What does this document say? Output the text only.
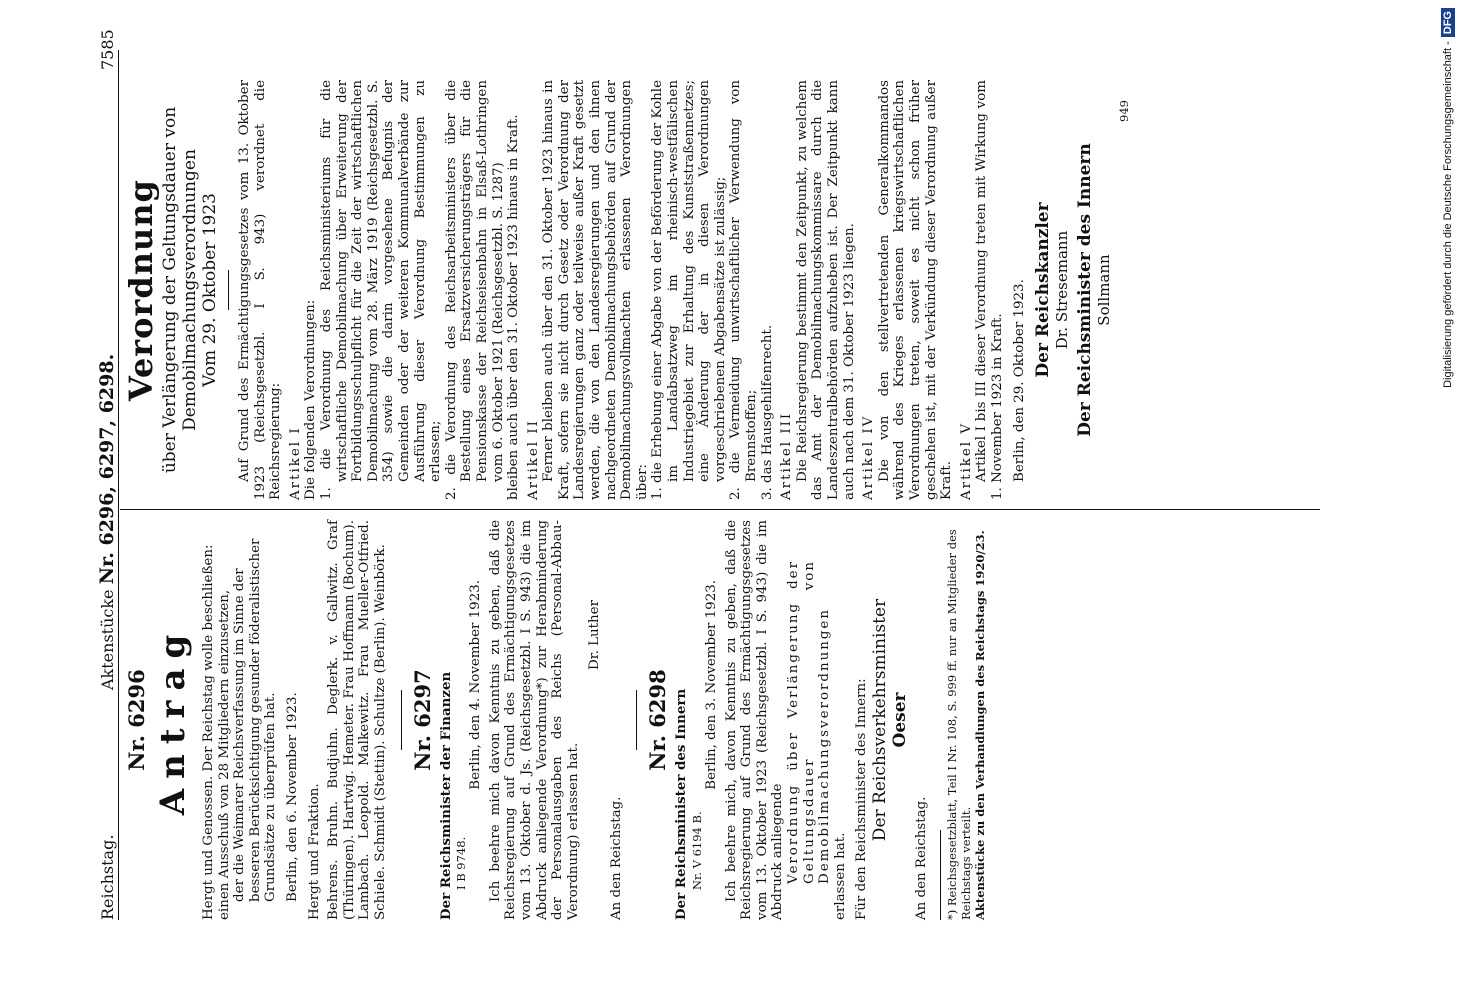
Reichstag.
Aktenstücke Nr. 6296, 6297, 6298.
7585
Nr. 6296 Antrag Hergt und Genossen. Der Reichstag wolle beschließen: einen Ausschuß von 28 Mitgliedern einzusetzen, der die Weimarer Reichsverfassung im Sinne der besseren Berücksichtigung gesunder föderalistischer Grundsätze zu überprüfen hat. Berlin, den 6. November 1923. Hergt und Fraktion. Behrens. Bruhn. Budjuhn. Deglerk. v. Gallwitz. Graf (Thüringen). Hartwig. Hemeter. Frau Hoffmann (Bochum). Lambach. Leopold. Malkewitz. Frau Mueller-Otfried. Schiele. Schmidt (Stettin). Schultze (Berlin). Weinbörk. Nr. 6297 Der Reichsminister der Finanzen I B 9748.
Berlin, den 4. November 1923. Ich beehre mich davon Kenntnis zu geben, daß die Reichsregierung auf Grund des Ermächtigungsgesetzes vom 13. Oktober d. Js. (Reichsgesetzbl. I S. 943) die im Abdruck anliegende Verordnung*) zur Herabminderung der Personalausgaben des Reichs (Personal-Abbau-Verordnung) erlassen hat.
Dr. Luther
An den Reichstag.
Nr. 6298 Der Reichsminister des Innern Nr. V 6194 B.
Berlin, den 3. November 1923. Ich beehre mich, davon Kenntnis zu geben, daß die Reichsregierung auf Grund des Ermächtigungsgesetzes vom 13. Oktober 1923 (Reichsgesetzbl. I S. 943) die im Abdruck anliegende Verordnung über Verlängerung der Geltungsdauer von Demobilmachungsverordnungen erlassen hat. Für den Reichsminister des Innern: Der Reichsverkehrsminister Oeser
An den Reichstag. *) Reichsgesetzblatt, Teil I Nr. 108, S. 999 ff. nur an Mitglieder des Reichstags verteilt. Aktenstücke zu den Verhandlungen des Reichstags 1920/23.
Verordnung über Verlängerung der Geltungsdauer von Demobilmachungsverordnungen Vom 29. Oktober 1923 Auf Grund des Ermächtigungsgesetzes vom 13. Oktober 1923 (Reichsgesetzbl. I S. 943) verordnet die Reichsregierung: Artikel I Die folgenden Verordnungen: 1. die Verordnung des Reichsministeriums für die wirtschaftliche Demobilmachung über Erweiterung der Fortbildungsschulpflicht für die Zeit der wirtschaftlichen Demobilmachung vom 28. März 1919 (Reichsgesetzbl. S. 354) sowie die darin vorgesehene Befugnis der Gemeinden oder der weiteren Kommunalverbände zur Ausführung dieser Verordnung Bestimmungen zu erlassen; 2. die Verordnung des Reichsarbeitsministers über die Bestellung eines Ersatzversicherungsträgers für die Pensionskasse der Reichseisenbahn in Elsaß-Lothringen vom 6. Oktober 1921 (Reichsgesetzbl. S. 1287) bleiben auch über den 31. Oktober 1923 hinaus in Kraft. Artikel II Ferner bleiben auch über den 31. Oktober 1923 hinaus in Kraft, sofern sie nicht durch Gesetz oder Verordnung der Landesregierungen ganz oder teilweise außer Kraft gesetzt werden, die von den Landesregierungen und den ihnen nachgeordneten Demobilmachungsbehörden auf Grund der Demobilmachungsvollmachten erlassenen Verordnungen über: 1. die Erhebung einer Abgabe von der Beförderung der Kohle im Landabsatzweg im rheinisch-westfälischen Industriegebiet zur Erhaltung des Kunststraßennetzes; eine Änderung der in diesen Verordnungen vorgeschriebenen Abgabensätze ist zulässig; 2. die Vermeidung unwirtschaftlicher Verwendung von Brennstoffen; 3. das Hausgehilfenrecht. Artikel III Die Reichsregierung bestimmt den Zeitpunkt, zu welchem das Amt der Demobilmachungskommissare durch die Landeszentralbehörden aufzuheben ist. Der Zeitpunkt kann auch nach dem 31. Oktober 1923 liegen. Artikel IV Die von den stellvertretenden Generalkommandos während des Krieges erlassenen kriegswirtschaftlichen Verordnungen treten, soweit es nicht schon früher geschehen ist, mit der Verkündung dieser Verordnung außer Kraft. Artikel V Artikel I bis III dieser Verordnung treten mit Wirkung vom 1. November 1923 in Kraft. Berlin, den 29. Oktober 1923. Der Reichskanzler Dr. Stresemann Der Reichsminister des Innern Sollmann
949	Digitalisierung gefördert durch die Deutsche Forschungsgemeinschaft -DFG
